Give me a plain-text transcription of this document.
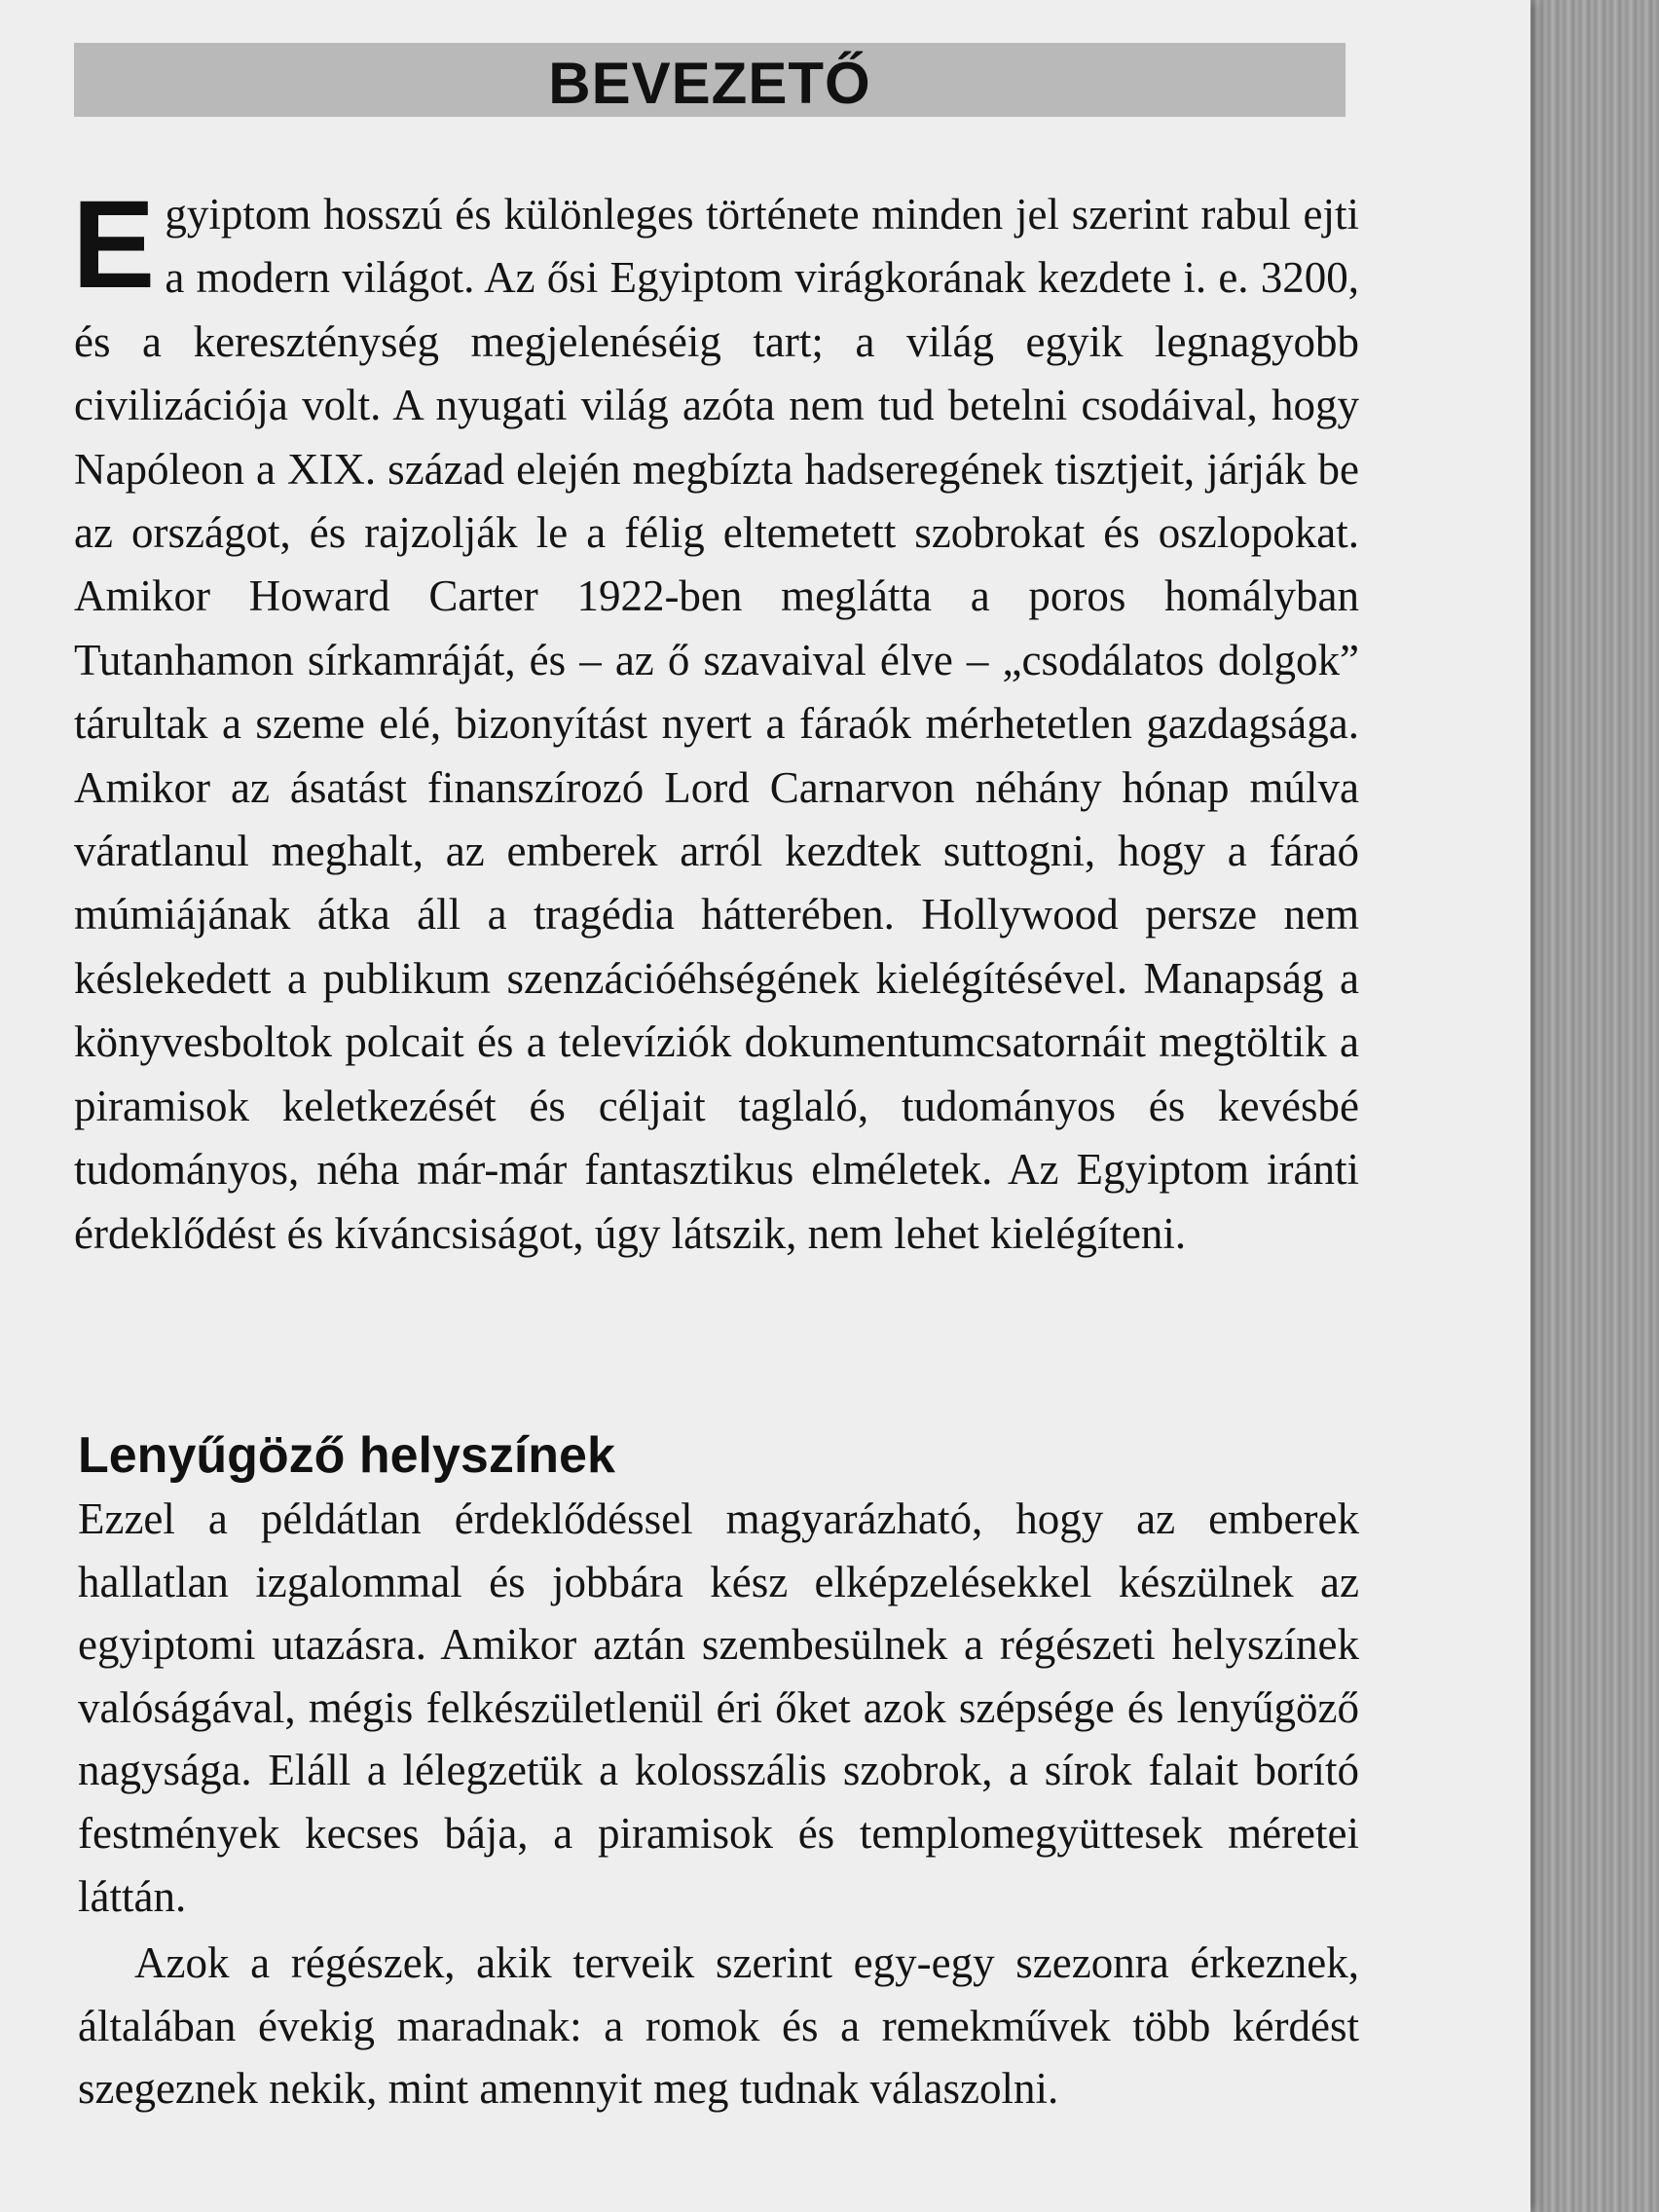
BEVEZETŐ

Egyiptom hosszú és különleges története minden jel szerint rabul ejti a modern világot. Az ősi Egyiptom virágkorának kezdete i. e. 3200, és a kereszténység megjelenéséig tart; a világ egyik legnagyobb civilizációja volt. A nyugati világ azóta nem tud betelni csodáival, hogy Napóleon a XIX. század elején megbízta hadseregének tisztjeit, járják be az országot, és rajzolják le a félig eltemetett szobrokat és oszlopokat. Amikor Howard Carter 1922-ben meglátta a poros homályban Tutanhamon sírkamráját, és – az ő szavaival élve – „csodálatos dolgok” tárultak a szeme elé, bizonyítást nyert a fáraók mérhetetlen gazdagsága. Amikor az ásatást finanszírozó Lord Carnarvon néhány hónap múlva váratlanul meghalt, az emberek arról kezdtek suttogni, hogy a fáraó múmiájának átka áll a tragédia hátterében. Hollywood persze nem késlekedett a publikum szenzációéhségének kielégítésével. Manapság a könyvesboltok polcait és a televíziók dokumentumcsatornáit megtöltik a piramisok keletkezését és céljait taglaló, tudományos és kevésbé tudományos, néha már-már fantasztikus elméletek. Az Egyiptom iránti érdeklődést és kíváncsiságot, úgy látszik, nem lehet kielégíteni.

Lenyűgöző helyszínek

Ezzel a példátlan érdeklődéssel magyarázható, hogy az emberek hallatlan izgalommal és jobbára kész elképzelésekkel készülnek az egyiptomi utazásra. Amikor aztán szembesülnek a régészeti helyszínek valóságával, mégis felkészületlenül éri őket azok szépsége és lenyűgöző nagysága. Eláll a lélegzetük a kolosszális szobrok, a sírok falait borító festmények kecses bája, a piramisok és templomegyüttesek méretei láttán.

Azok a régészek, akik terveik szerint egy-egy szezonra érkeznek, általában évekig maradnak: a romok és a remekművek több kérdést szegeznek nekik, mint amennyit meg tudnak válaszolni.
